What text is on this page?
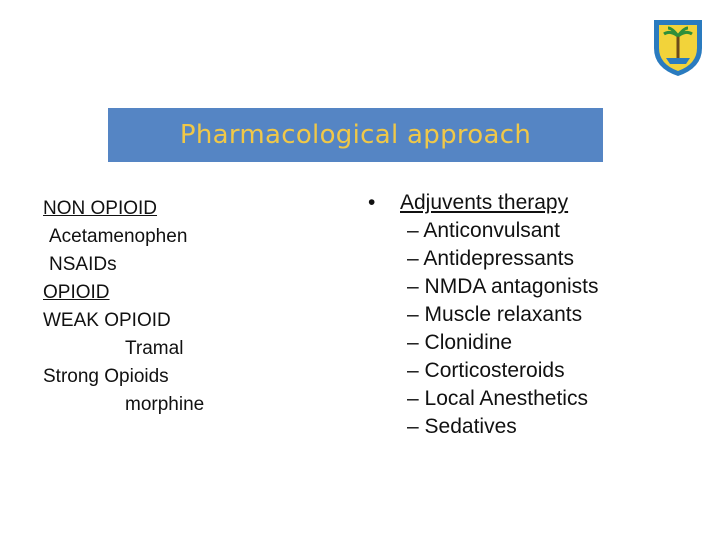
Pharmacological approach
NON OPIOID
Acetamenophen
NSAIDs
OPIOID
WEAK OPIOID
Tramal
Strong Opioids
morphine
•	Adjuvents therapy
– Anticonvulsant
– Antidepressants
– NMDA antagonists
– Muscle relaxants
– Clonidine
– Corticosteroids
– Local Anesthetics
– Sedatives
